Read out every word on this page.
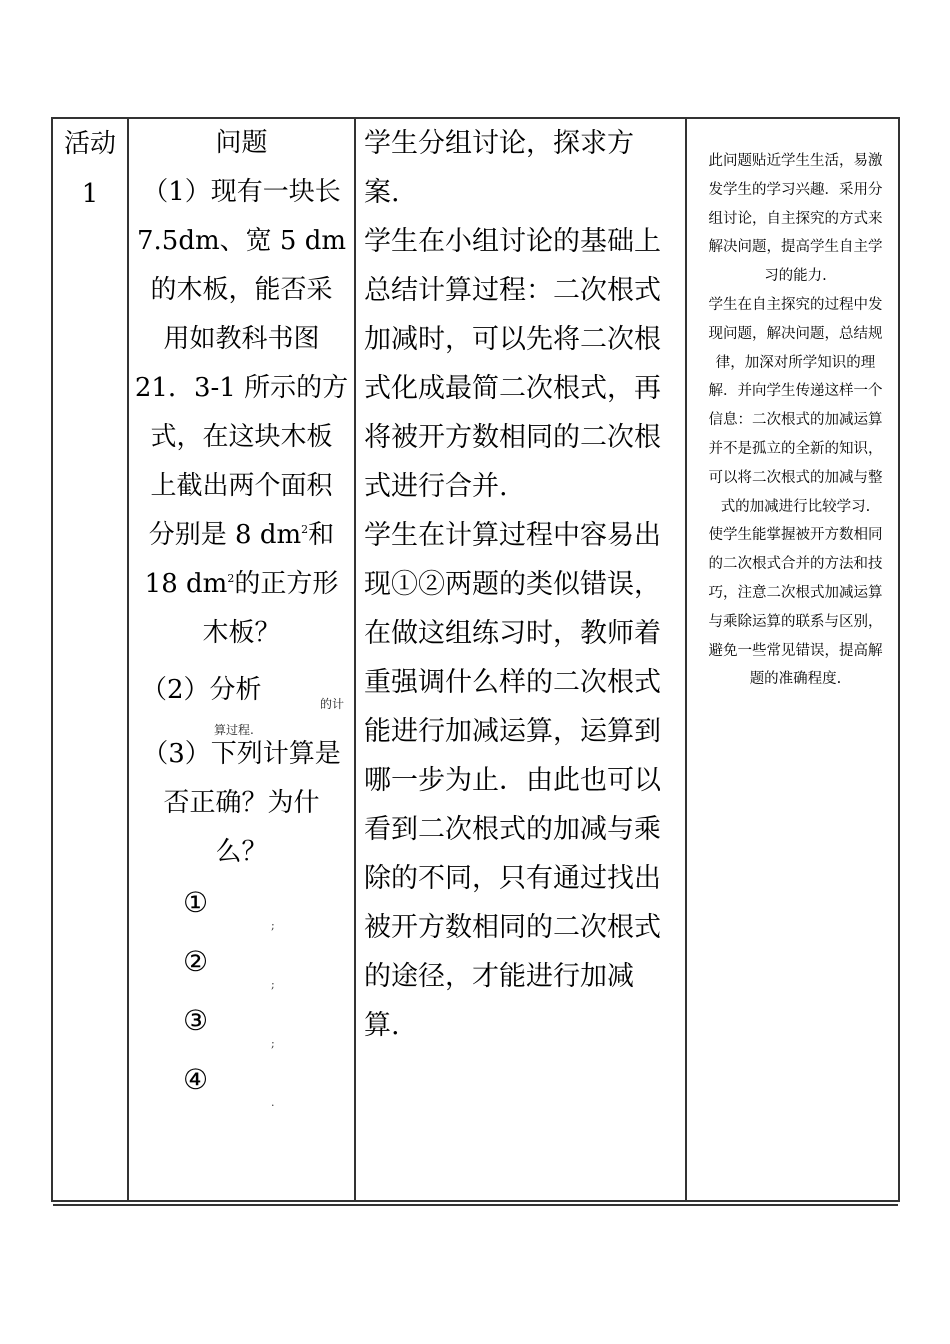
活动
1
问题
（1）现有一块长
7.5dm、宽 5 dm
的木板，能否采
用如教科书图
21．3-1 所示的方
式，在这块木板
上截出两个面积
分别是 8 $dm^2$和
18 $dm^2$的正方形
木板？
（2）分析	的计
算过程.
（3）下列计算是
否正确？为什
么？
①
;
②
;
③
;
④
.

学生分组讨论，探求方

案.

学生在小组讨论的基础上

总结计算过程：二次根式

加减时，可以先将二次根

式化成最简二次根式，再

将被开方数相同的二次根

式进行合并.

学生在计算过程中容易出

现①②两题的类似错误，

在做这组练习时，教师着

重强调什么样的二次根式

能进行加减运算，运算到

哪一步为止．由此也可以

看到二次根式的加减与乘

除的不同，只有通过找出

被开方数相同的二次根式

的途径，才能进行加减

算.

此问题贴近学生生活，易激

发学生的学习兴趣．采用分

组讨论，自主探究的方式来

解决问题，提高学生自主学

习的能力.

学生在自主探究的过程中发

现问题，解决问题，总结规

律，加深对所学知识的理

解．并向学生传递这样一个

信息：二次根式的加减运算

并不是孤立的全新的知识，

可以将二次根式的加减与整

式的加减进行比较学习.

使学生能掌握被开方数相同

的二次根式合并的方法和技

巧，注意二次根式加减运算

与乘除运算的联系与区别，

避免一些常见错误，提高解

题的准确程度.
